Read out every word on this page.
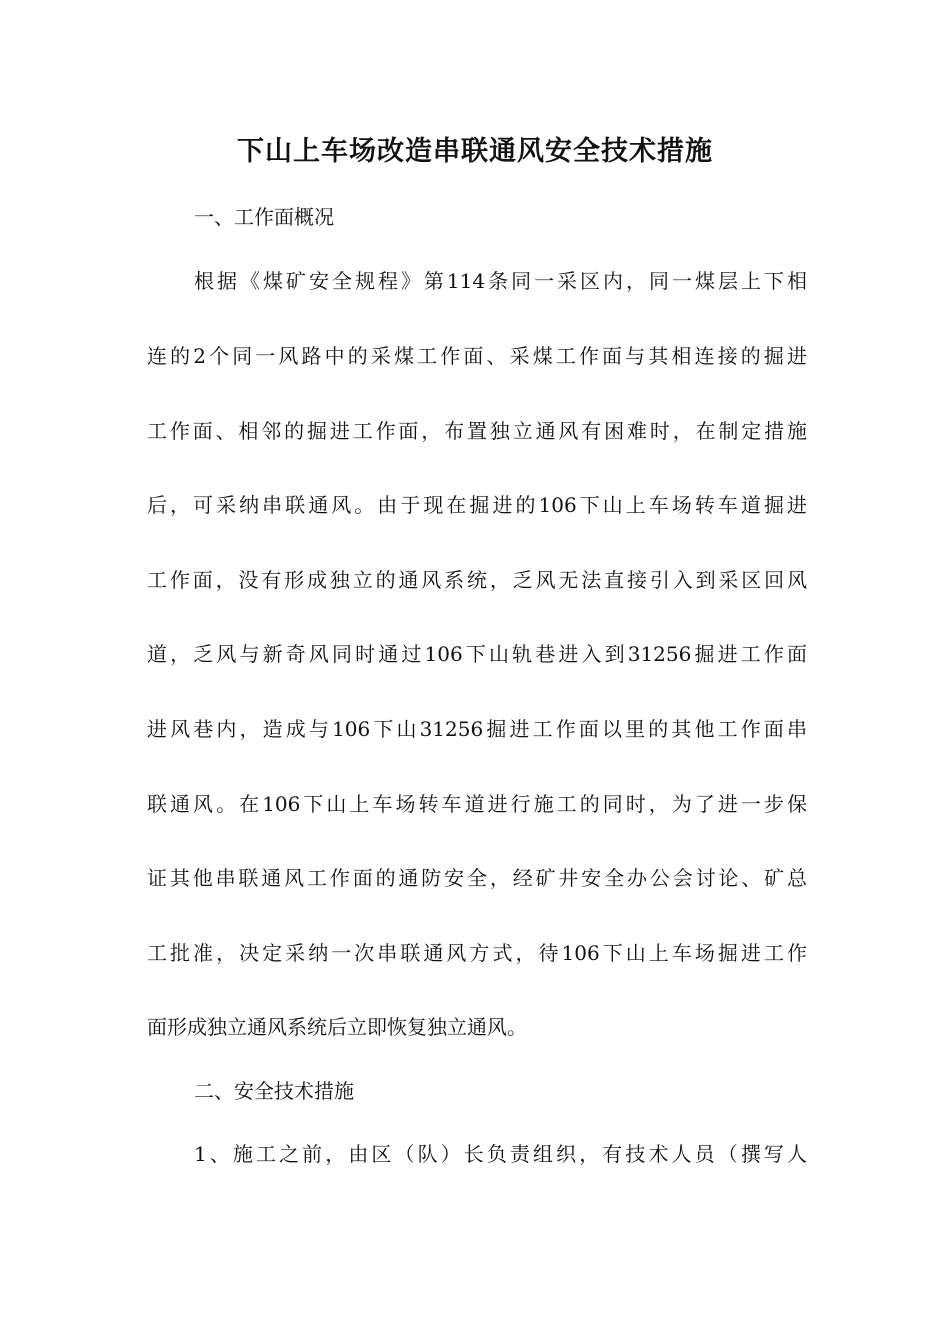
下山上车场改造串联通风安全技术措施

一、工作面概况

根据《煤矿安全规程》第114条同一采区内，同一煤层上下相

连的2个同一风路中的采煤工作面、采煤工作面与其相连接的掘进

工作面、相邻的掘进工作面，布置独立通风有困难时，在制定措施

后，可采纳串联通风。由于现在掘进的106下山上车场转车道掘进

工作面，没有形成独立的通风系统，乏风无法直接引入到采区回风

道，乏风与新奇风同时通过106下山轨巷进入到31256掘进工作面

进风巷内，造成与106下山31256掘进工作面以里的其他工作面串

联通风。在106下山上车场转车道进行施工的同时，为了进一步保

证其他串联通风工作面的通防安全，经矿井安全办公会讨论、矿总

工批准，决定采纳一次串联通风方式，待106下山上车场掘进工作

面形成独立通风系统后立即恢复独立通风。

二、安全技术措施

1、施工之前，由区（队）长负责组织，有技术人员（撰写人
